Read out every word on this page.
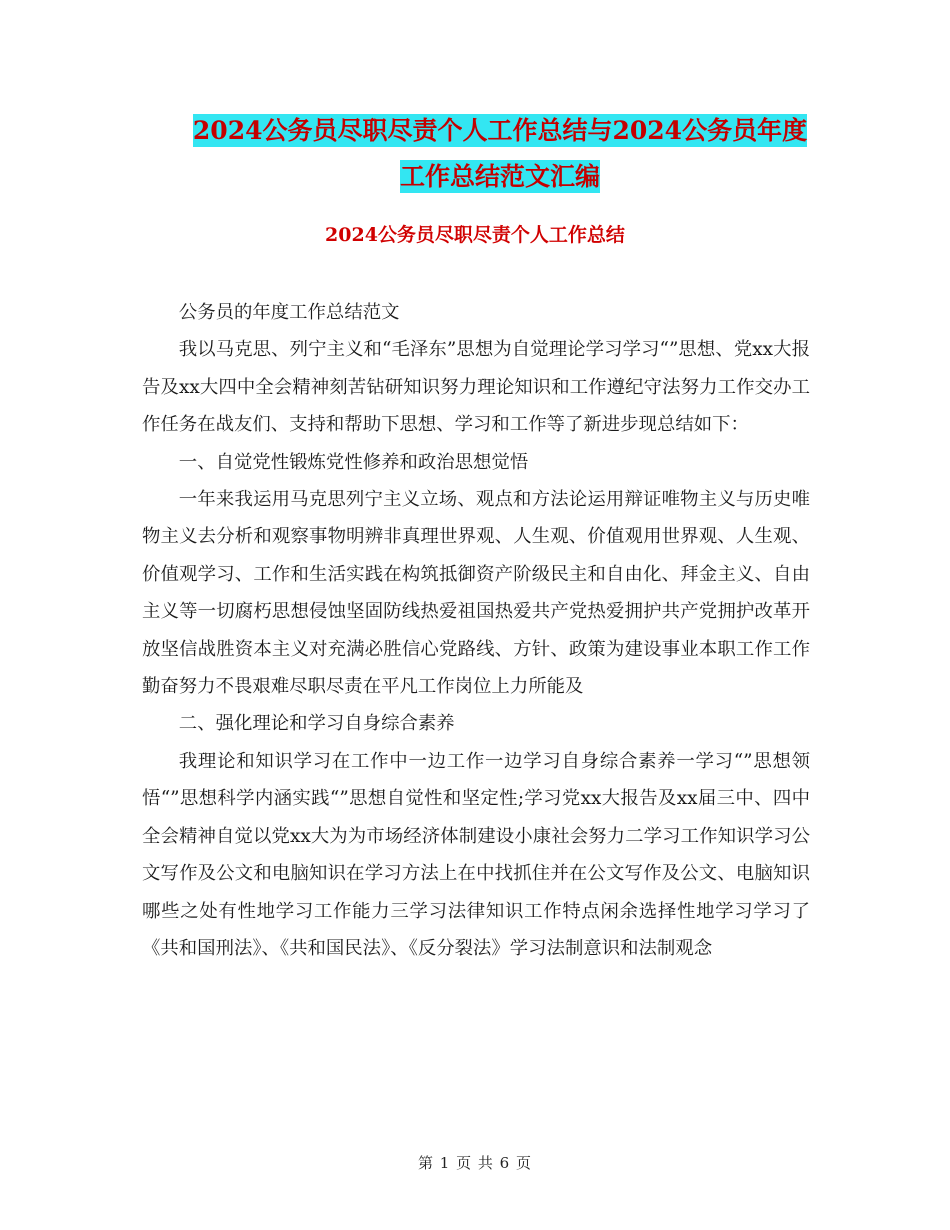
2024公务员尽职尽责个人工作总结与2024公务员年度
工作总结范文汇编
2024公务员尽职尽责个人工作总结

公务员的年度工作总结范文

我以马克思、列宁主义和“毛泽东”思想为自觉理论学习学习“”思想、党xx大报告及xx大四中全会精神刻苦钻研知识努力理论知识和工作遵纪守法努力工作交办工作任务在战友们、支持和帮助下思想、学习和工作等了新进步现总结如下：

一、自觉党性锻炼党性修养和政治思想觉悟

一年来我运用马克思列宁主义立场、观点和方法论运用辩证唯物主义与历史唯物主义去分析和观察事物明辨非真理世界观、人生观、价值观用世界观、人生观、价值观学习、工作和生活实践在构筑抵御资产阶级民主和自由化、拜金主义、自由主义等一切腐朽思想侵蚀坚固防线热爱祖国热爱共产党热爱拥护共产党拥护改革开放坚信战胜资本主义对充满必胜信心党路线、方针、政策为建设事业本职工作工作勤奋努力不畏艰难尽职尽责在平凡工作岗位上力所能及

二、强化理论和学习自身综合素养

我理论和知识学习在工作中一边工作一边学习自身综合素养一学习“”思想领悟“”思想科学内涵实践“”思想自觉性和坚定性;学习党xx大报告及xx届三中、四中全会精神自觉以党xx大为为市场经济体制建设小康社会努力二学习工作知识学习公文写作及公文和电脑知识在学习方法上在中找抓住并在公文写作及公文、电脑知识哪些之处有性地学习工作能力三学习法律知识工作特点闲余选择性地学习学习了《共和国刑法》、《共和国民法》、《反分裂法》学习法制意识和法制观念

第 1 页 共 6 页
